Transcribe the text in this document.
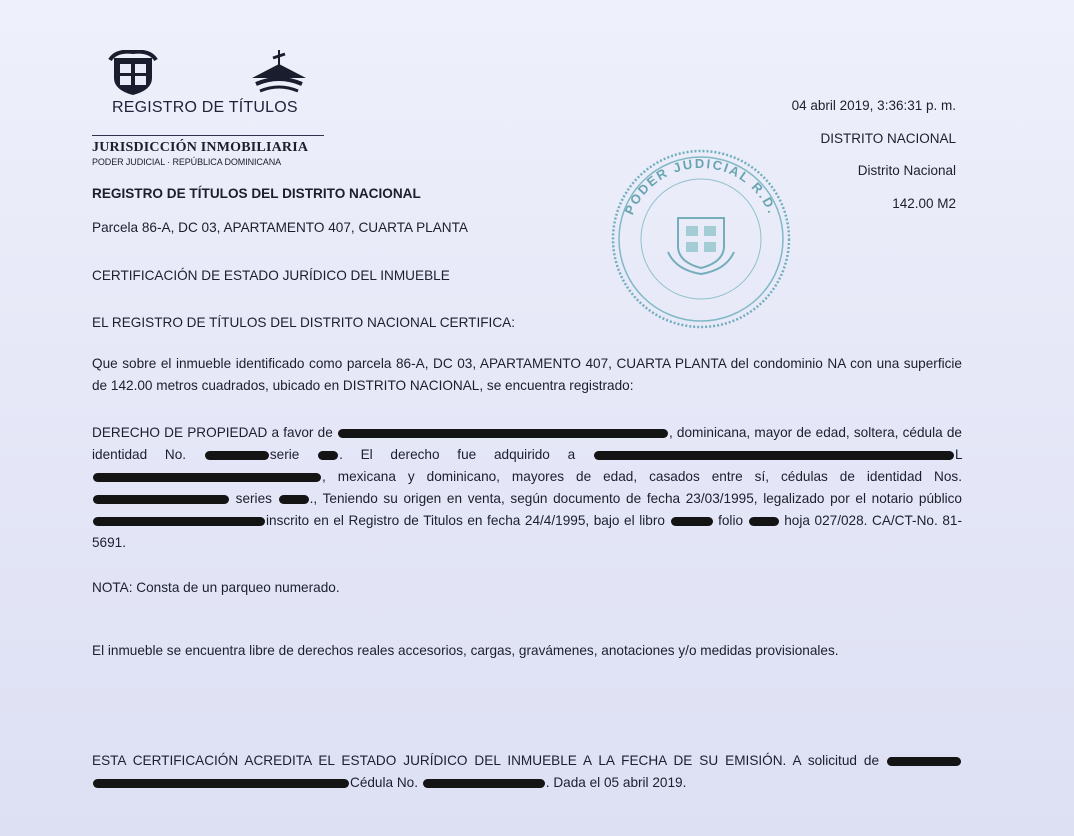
REGISTRO DE TÍTULOS
JURISDICCIÓN INMOBILIARIA
PODER JUDICIAL · REPÚBLICA DOMINICANA
04 abril 2019, 3:36:31 p. m.
DISTRITO NACIONAL
Distrito Nacional
142.00 M2
PODER JUDICIAL R.D.
REGISTRO DE TÍTULOS DEL DISTRITO NACIONAL
Parcela 86-A, DC 03, APARTAMENTO 407, CUARTA PLANTA
CERTIFICACIÓN DE ESTADO JURÍDICO DEL INMUEBLE
EL REGISTRO DE TÍTULOS DEL DISTRITO NACIONAL CERTIFICA:
Que sobre el inmueble identificado como parcela 86-A, DC 03, APARTAMENTO 407, CUARTA PLANTA del condominio NA con una superficie de 142.00 metros cuadrados, ubicado en DISTRITO NACIONAL, se encuentra registrado:
DERECHO DE PROPIEDAD a favor de	, dominicana, mayor de edad, soltera, cédula de identidad No.	serie	. El derecho fue adquirido a	L , mexicana y dominicano, mayores de edad, casados entre sí, cédulas de identidad Nos.  series	., Teniendo su origen en venta, según documento de fecha 23/03/1995, legalizado por el notario público inscrito en el Registro de Titulos en fecha 24/4/1995, bajo el libro	folio	hoja 027/028. CA/CT-No. 81-5691.
NOTA: Consta de un parqueo numerado.
El inmueble se encuentra libre de derechos reales accesorios, cargas, gravámenes, anotaciones y/o medidas provisionales.
ESTA CERTIFICACIÓN ACREDITA EL ESTADO JURÍDICO DEL INMUEBLE A LA FECHA DE SU EMISIÓN. A solicitud de  Cédula No.	. Dada el 05 abril 2019.
